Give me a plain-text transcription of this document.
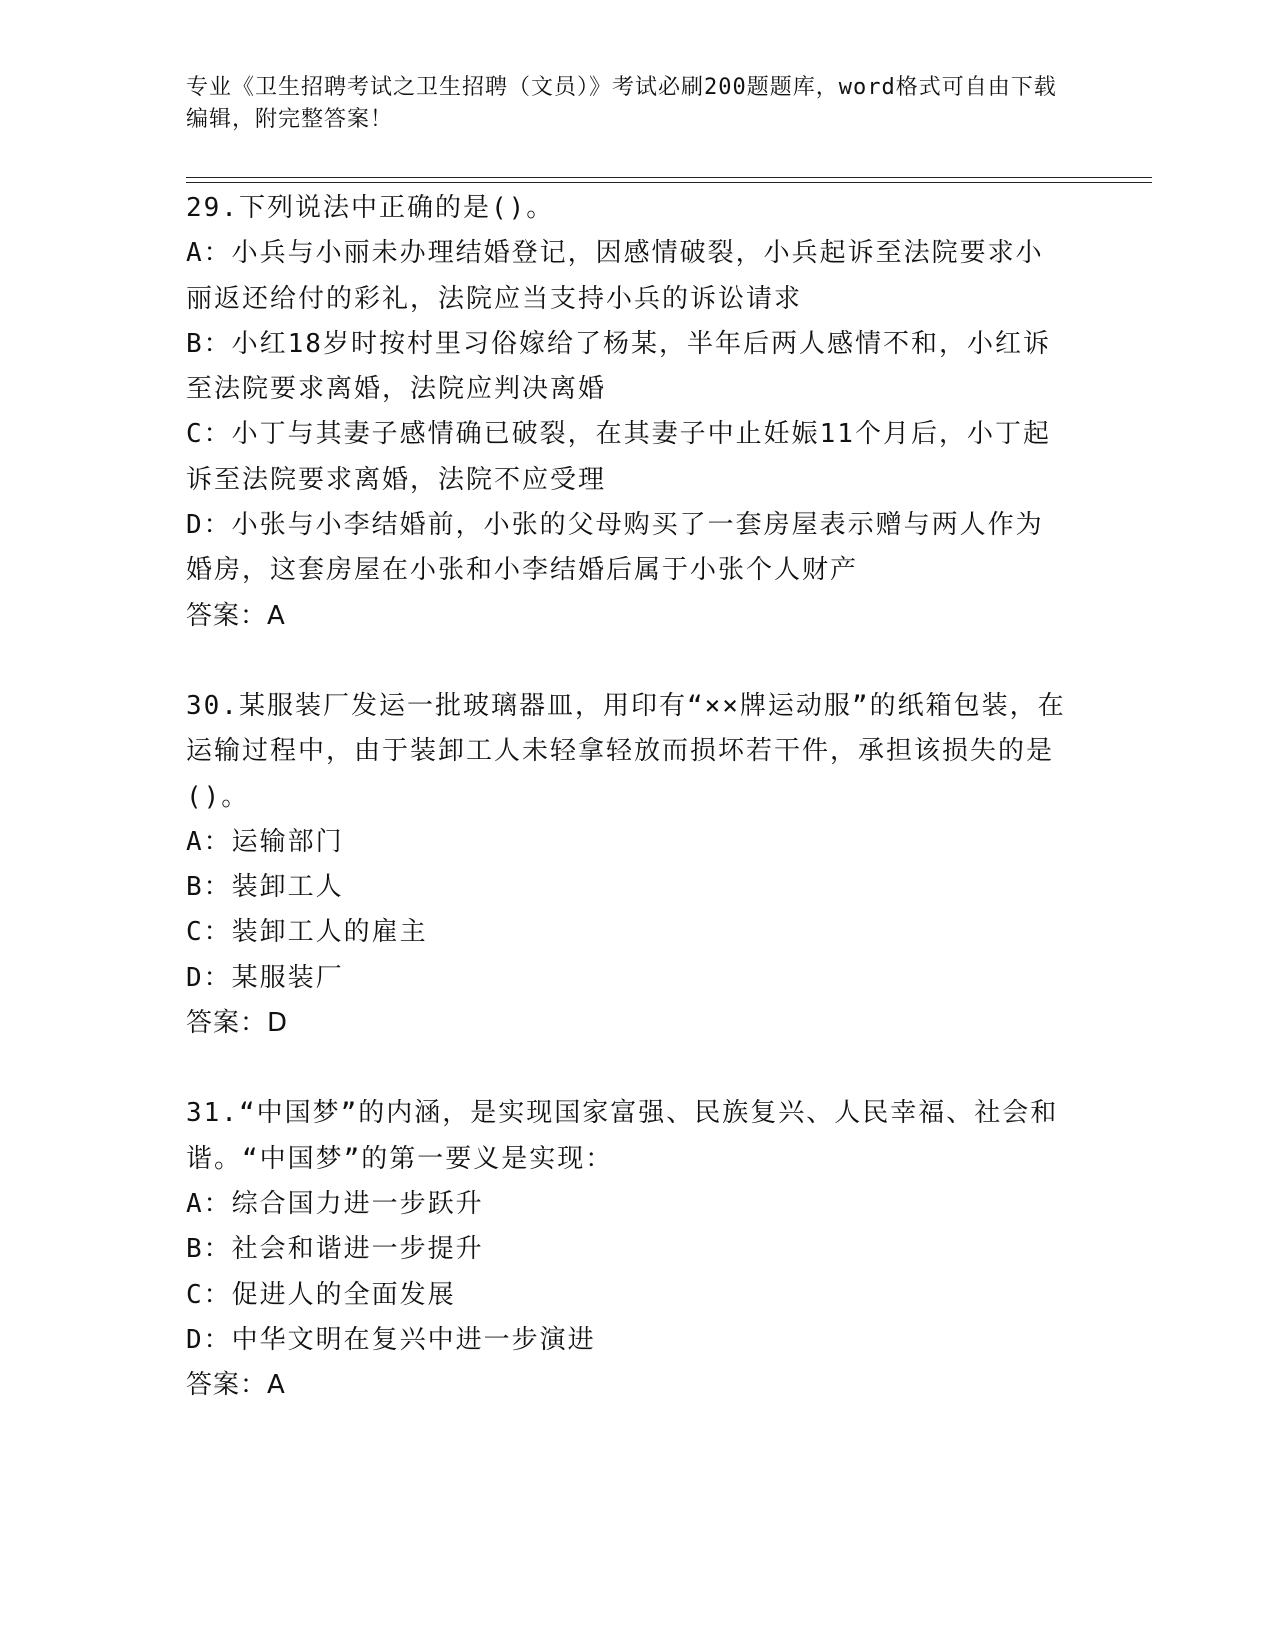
专业《卫生招聘考试之卫生招聘（文员）》考试必刷200题题库，word格式可自由下载编辑，附完整答案！
29.下列说法中正确的是()。
A：小兵与小丽未办理结婚登记，因感情破裂，小兵起诉至法院要求小丽返还给付的彩礼，法院应当支持小兵的诉讼请求
B：小红18岁时按村里习俗嫁给了杨某，半年后两人感情不和，小红诉至法院要求离婚，法院应判决离婚
C：小丁与其妻子感情确已破裂，在其妻子中止妊娠11个月后，小丁起诉至法院要求离婚，法院不应受理
D：小张与小李结婚前，小张的父母购买了一套房屋表示赠与两人作为婚房，这套房屋在小张和小李结婚后属于小张个人财产
答案：A
30.某服装厂发运一批玻璃器皿，用印有“××牌运动服”的纸箱包装，在运输过程中，由于装卸工人未轻拿轻放而损坏若干件，承担该损失的是()。
A：运输部门
B：装卸工人
C：装卸工人的雇主
D：某服装厂
答案：D
31.“中国梦”的内涵，是实现国家富强、民族复兴、人民幸福、社会和谐。“中国梦”的第一要义是实现：
A：综合国力进一步跃升
B：社会和谐进一步提升
C：促进人的全面发展
D：中华文明在复兴中进一步演进
答案：A
